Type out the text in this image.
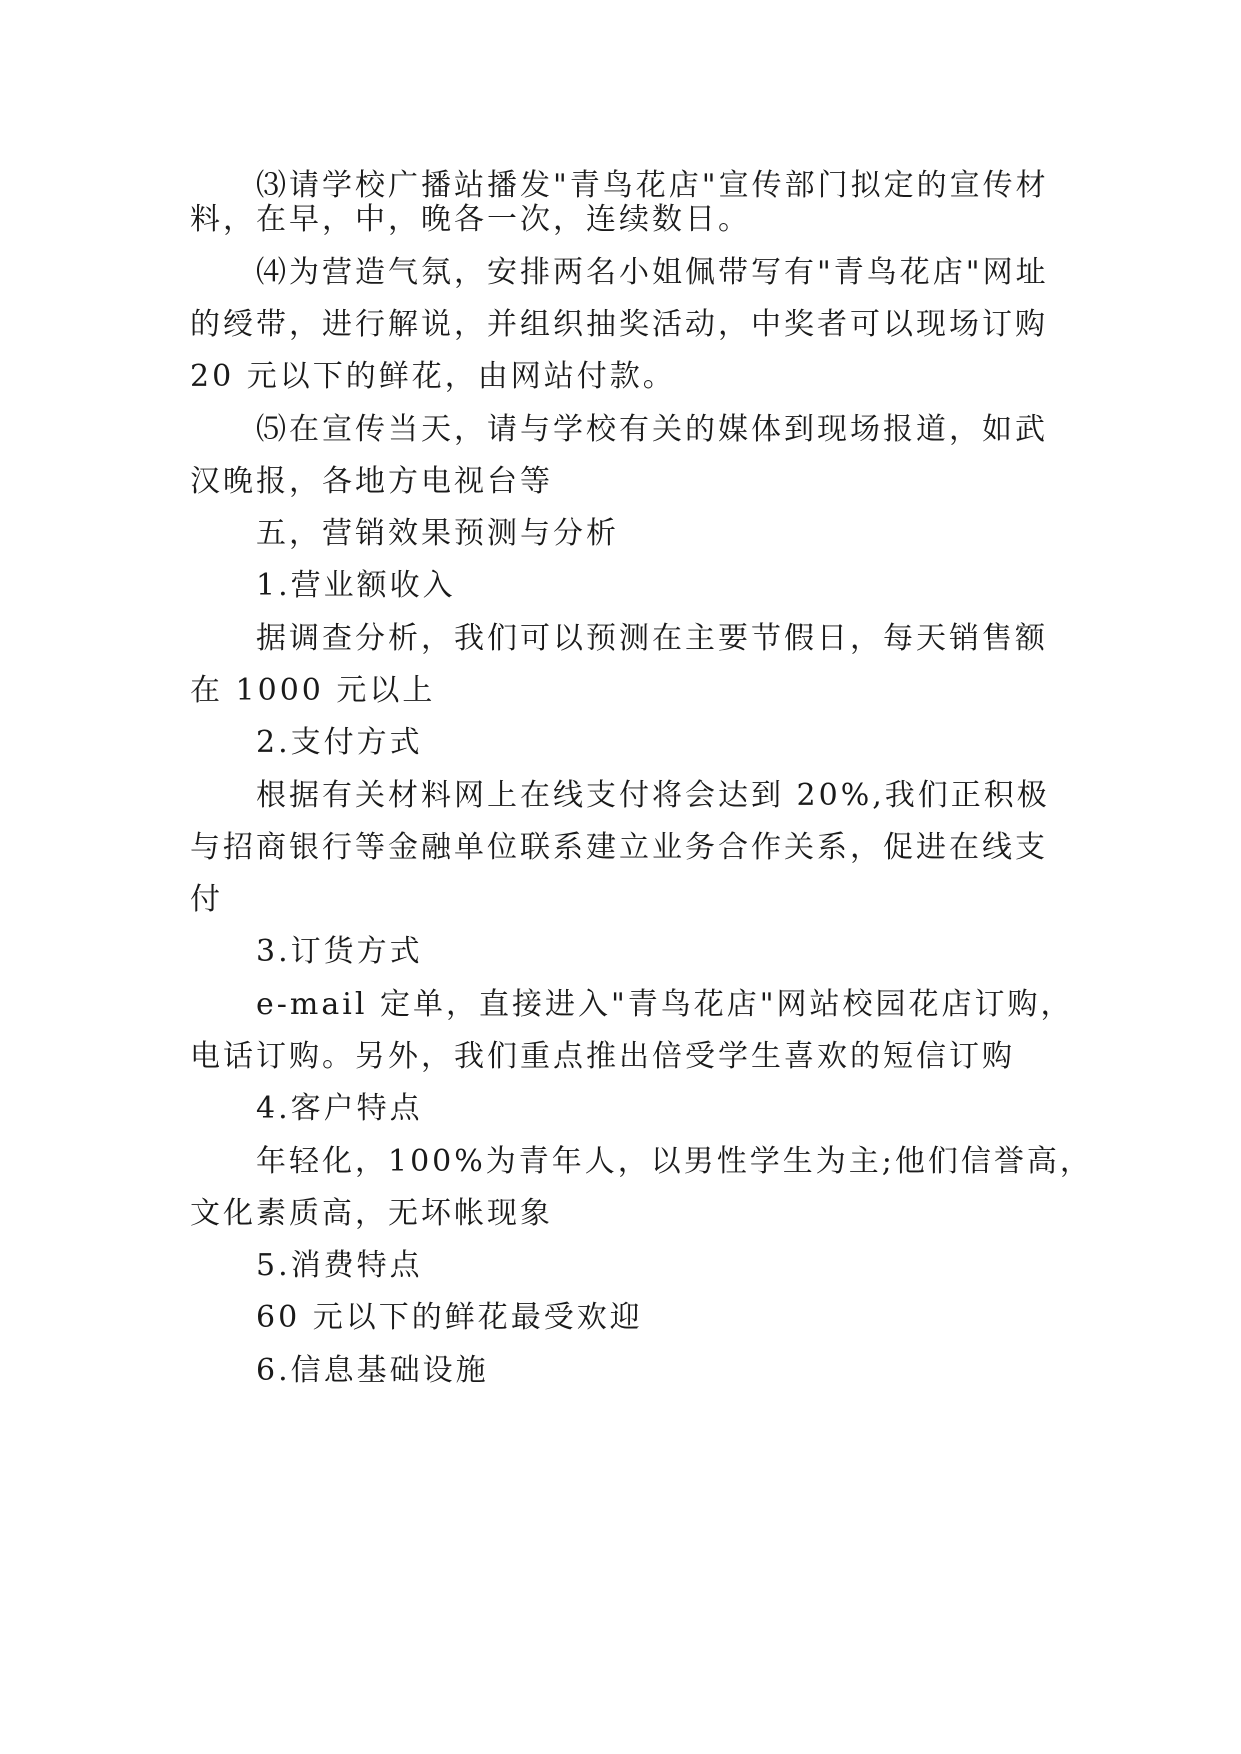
⑶请学校广播站播发"青鸟花店"宣传部门拟定的宣传材
料，在早，中，晚各一次，连续数日。
⑷为营造气氛，安排两名小姐佩带写有"青鸟花店"网址
的绶带，进行解说，并组织抽奖活动，中奖者可以现场订购
20 元以下的鲜花，由网站付款。
⑸在宣传当天，请与学校有关的媒体到现场报道，如武
汉晚报，各地方电视台等
五，营销效果预测与分析
1.营业额收入
据调查分析，我们可以预测在主要节假日，每天销售额
在 1000 元以上
2.支付方式
根据有关材料网上在线支付将会达到 20%,我们正积极
与招商银行等金融单位联系建立业务合作关系，促进在线支
付
3.订货方式
e-mail 定单，直接进入"青鸟花店"网站校园花店订购，
电话订购。另外，我们重点推出倍受学生喜欢的短信订购
4.客户特点
年轻化，100%为青年人，以男性学生为主;他们信誉高，
文化素质高，无坏帐现象
5.消费特点
60 元以下的鲜花最受欢迎
6.信息基础设施
